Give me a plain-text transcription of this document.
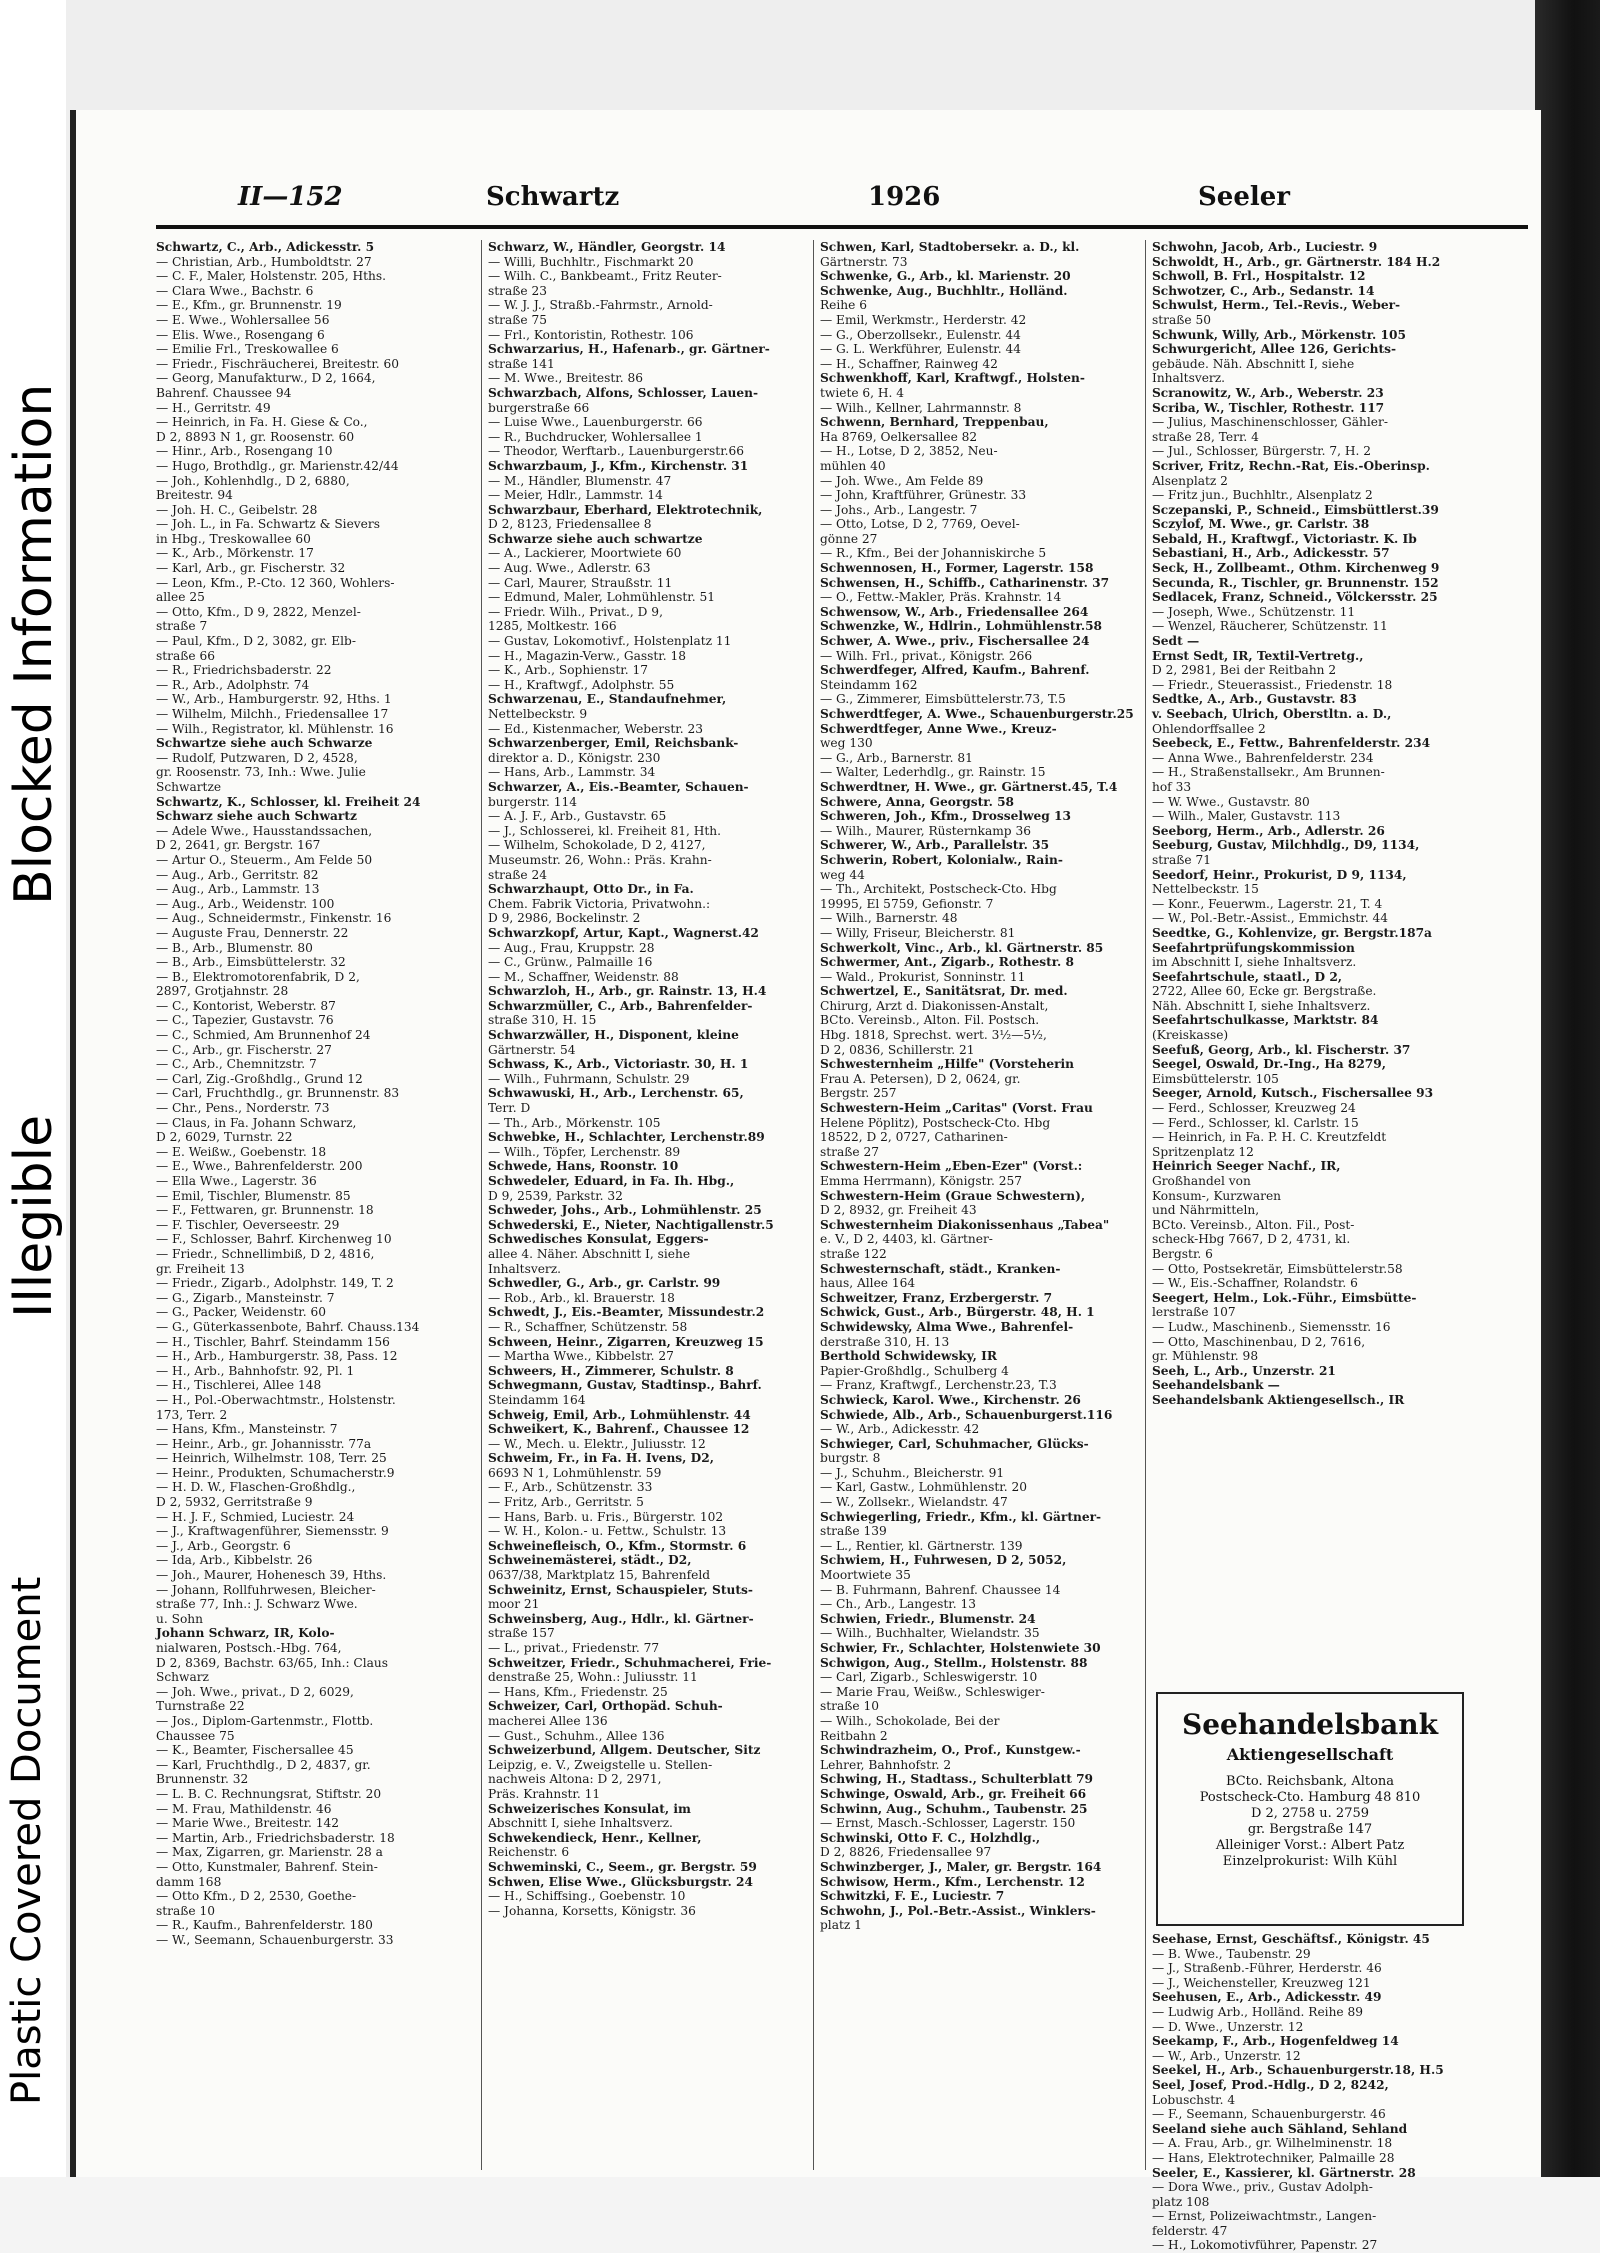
Plastic Covered Document
Illegible
Blocked Information
II—152	Schwartz	1926	Seeler
Schwartz, C., Arb., Adickesstr. 5
— Christian, Arb., Humboldtstr. 27
— C. F., Maler, Holstenstr. 205, Hths.
— Clara Wwe., Bachstr. 6
— E., Kfm., gr. Brunnenstr. 19
— E. Wwe., Wohlersallee 56
— Elis. Wwe., Rosengang 6
— Emilie Frl., Treskowallee 6
— Friedr., Fischräucherei, Breitestr. 60
— Georg, Manufakturw., D 2, 1664,
Bahrenf. Chaussee 94
— H., Gerritstr. 49
— Heinrich, in Fa. H. Giese & Co.,
D 2, 8893 N 1, gr. Roosenstr. 60
— Hinr., Arb., Rosengang 10
— Hugo, Brothdlg., gr. Marienstr.42/44
— Joh., Kohlenhdlg., D 2, 6880,
Breitestr. 94
— Joh. H. C., Geibelstr. 28
— Joh. L., in Fa. Schwartz & Sievers
in Hbg., Treskowallee 60
— K., Arb., Mörkenstr. 17
— Karl, Arb., gr. Fischerstr. 32
— Leon, Kfm., P.-Cto. 12 360, Wohlers-
allee 25
— Otto, Kfm., D 9, 2822, Menzel-
straße 7
— Paul, Kfm., D 2, 3082, gr. Elb-
straße 66
— R., Friedrichsbaderstr. 22
— R., Arb., Adolphstr. 74
— W., Arb., Hamburgerstr. 92, Hths. 1
— Wilhelm, Milchh., Friedensallee 17
— Wilh., Registrator, kl. Mühlenstr. 16
Schwartze siehe auch Schwarze
— Rudolf, Putzwaren, D 2, 4528,
gr. Roosenstr. 73, Inh.: Wwe. Julie
Schwartze
Schwartz, K., Schlosser, kl. Freiheit 24
Schwarz siehe auch Schwartz
— Adele Wwe., Hausstandssachen,
D 2, 2641, gr. Bergstr. 167
— Artur O., Steuerm., Am Felde 50
— Aug., Arb., Gerritstr. 82
— Aug., Arb., Lammstr. 13
— Aug., Arb., Weidenstr. 100
— Aug., Schneidermstr., Finkenstr. 16
— Auguste Frau, Dennerstr. 22
— B., Arb., Blumenstr. 80
— B., Arb., Eimsbüttelerstr. 32
— B., Elektromotorenfabrik, D 2,
2897, Grotjahnstr. 28
— C., Kontorist, Weberstr. 87
— C., Tapezier, Gustavstr. 76
— C., Schmied, Am Brunnenhof 24
— C., Arb., gr. Fischerstr. 27
— C., Arb., Chemnitzstr. 7
— Carl, Zig.-Großhdlg., Grund 12
— Carl, Fruchthdlg., gr. Brunnenstr. 83
— Chr., Pens., Norderstr. 73
— Claus, in Fa. Johann Schwarz,
D 2, 6029, Turnstr. 22
— E. Weißw., Goebenstr. 18
— E., Wwe., Bahrenfelderstr. 200
— Ella Wwe., Lagerstr. 36
— Emil, Tischler, Blumenstr. 85
— F., Fettwaren, gr. Brunnenstr. 18
— F. Tischler, Oeverseestr. 29
— F., Schlosser, Bahrf. Kirchenweg 10
— Friedr., Schnellimbiß, D 2, 4816,
gr. Freiheit 13
— Friedr., Zigarb., Adolphstr. 149, T. 2
— G., Zigarb., Mansteinstr. 7
— G., Packer, Weidenstr. 60
— G., Güterkassenbote, Bahrf. Chauss.134
— H., Tischler, Bahrf. Steindamm 156
— H., Arb., Hamburgerstr. 38, Pass. 12
— H., Arb., Bahnhofstr. 92, Pl. 1
— H., Tischlerei, Allee 148
— H., Pol.-Oberwachtmstr., Holstenstr.
173, Terr. 2
— Hans, Kfm., Mansteinstr. 7
— Heinr., Arb., gr. Johannisstr. 77a
— Heinrich, Wilhelmstr. 108, Terr. 25
— Heinr., Produkten, Schumacherstr.9
— H. D. W., Flaschen-Großhdlg.,
D 2, 5932, Gerritstraße 9
— H. J. F., Schmied, Luciestr. 24
— J., Kraftwagenführer, Siemensstr. 9
— J., Arb., Georgstr. 6
— Ida, Arb., Kibbelstr. 26
— Joh., Maurer, Hohenesch 39, Hths.
— Johann, Rollfuhrwesen, Bleicher-
straße 77, Inh.: J. Schwarz Wwe.
u. Sohn
Johann Schwarz, IR, Kolo-
nialwaren, Postsch.-Hbg. 764,
D 2, 8369, Bachstr. 63/65, Inh.: Claus
Schwarz
— Joh. Wwe., privat., D 2, 6029,
Turnstraße 22
— Jos., Diplom-Gartenmstr., Flottb.
Chaussee 75
— K., Beamter, Fischersallee 45
— Karl, Fruchthdlg., D 2, 4837, gr.
Brunnenstr. 32
— L. B. C. Rechnungsrat, Stiftstr. 20
— M. Frau, Mathildenstr. 46
— Marie Wwe., Breitestr. 142
— Martin, Arb., Friedrichsbaderstr. 18
— Max, Zigarren, gr. Marienstr. 28 a
— Otto, Kunstmaler, Bahrenf. Stein-
damm 168
— Otto Kfm., D 2, 2530, Goethe-
straße 10
— R., Kaufm., Bahrenfelderstr. 180
— W., Seemann, Schauenburgerstr. 33
Schwarz, W., Händler, Georgstr. 14
— Willi, Buchhltr., Fischmarkt 20
— Wilh. C., Bankbeamt., Fritz Reuter-
straße 23
— W. J. J., Straßb.-Fahrmstr., Arnold-
straße 75
— Frl., Kontoristin, Rothestr. 106
Schwarzarius, H., Hafenarb., gr. Gärtner-
straße 141
— M. Wwe., Breitestr. 86
Schwarzbach, Alfons, Schlosser, Lauen-
burgerstraße 66
— Luise Wwe., Lauenburgerstr. 66
— R., Buchdrucker, Wohlersallee 1
— Theodor, Werftarb., Lauenburgerstr.66
Schwarzbaum, J., Kfm., Kirchenstr. 31
— M., Händler, Blumenstr. 47
— Meier, Hdlr., Lammstr. 14
Schwarzbaur, Eberhard, Elektrotechnik,
D 2, 8123, Friedensallee 8
Schwarze siehe auch schwartze
— A., Lackierer, Moortwiete 60
— Aug. Wwe., Adlerstr. 63
— Carl, Maurer, Straußstr. 11
— Edmund, Maler, Lohmühlenstr. 51
— Friedr. Wilh., Privat., D 9,
1285, Moltkestr. 166
— Gustav, Lokomotivf., Holstenplatz 11
— H., Magazin-Verw., Gasstr. 18
— K., Arb., Sophienstr. 17
— H., Kraftwgf., Adolphstr. 55
Schwarzenau, E., Standaufnehmer,
Nettelbeckstr. 9
— Ed., Kistenmacher, Weberstr. 23
Schwarzenberger, Emil, Reichsbank-
direktor a. D., Königstr. 230
— Hans, Arb., Lammstr. 34
Schwarzer, A., Eis.-Beamter, Schauen-
burgerstr. 114
— A. J. F., Arb., Gustavstr. 65
— J., Schlosserei, kl. Freiheit 81, Hth.
— Wilhelm, Schokolade, D 2, 4127,
Museumstr. 26, Wohn.: Präs. Krahn-
straße 24
Schwarzhaupt, Otto Dr., in Fa.
Chem. Fabrik Victoria, Privatwohn.:
D 9, 2986, Bockelinstr. 2
Schwarzkopf, Artur, Kapt., Wagnerst.42
— Aug., Frau, Kruppstr. 28
— C., Grünw., Palmaille 16
— M., Schaffner, Weidenstr. 88
Schwarzloh, H., Arb., gr. Rainstr. 13, H.4
Schwarzmüller, C., Arb., Bahrenfelder-
straße 310, H. 15
Schwarzwäller, H., Disponent, kleine
Gärtnerstr. 54
Schwass, K., Arb., Victoriastr. 30, H. 1
— Wilh., Fuhrmann, Schulstr. 29
Schwawuski, H., Arb., Lerchenstr. 65,
Terr. D
— Th., Arb., Mörkenstr. 105
Schwebke, H., Schlachter, Lerchenstr.89
— Wilh., Töpfer, Lerchenstr. 89
Schwede, Hans, Roonstr. 10
Schwedeler, Eduard, in Fa. Ih. Hbg.,
D 9, 2539, Parkstr. 32
Schweder, Johs., Arb., Lohmühlenstr. 25
Schwederski, E., Nieter, Nachtigallenstr.5
Schwedisches Konsulat, Eggers-
allee 4. Näher. Abschnitt I, siehe
Inhaltsverz.
Schwedler, G., Arb., gr. Carlstr. 99
— Rob., Arb., kl. Brauerstr. 18
Schwedt, J., Eis.-Beamter, Missundestr.2
— R., Schaffner, Schützenstr. 58
Schween, Heinr., Zigarren, Kreuzweg 15
— Martha Wwe., Kibbelstr. 27
Schweers, H., Zimmerer, Schulstr. 8
Schwegmann, Gustav, Stadtinsp., Bahrf.
Steindamm 164
Schweig, Emil, Arb., Lohmühlenstr. 44
Schweikert, K., Bahrenf., Chaussee 12
— W., Mech. u. Elektr., Juliusstr. 12
Schweim, Fr., in Fa. H. Ivens, D2,
6693 N 1, Lohmühlenstr. 59
— F., Arb., Schützenstr. 33
— Fritz, Arb., Gerritstr. 5
— Hans, Barb. u. Fris., Bürgerstr. 102
— W. H., Kolon.- u. Fettw., Schulstr. 13
Schweinefleisch, O., Kfm., Stormstr. 6
Schweinemästerei, städt., D2,
0637/38, Marktplatz 15, Bahrenfeld
Schweinitz, Ernst, Schauspieler, Stuts-
moor 21
Schweinsberg, Aug., Hdlr., kl. Gärtner-
straße 157
— L., privat., Friedenstr. 77
Schweitzer, Friedr., Schuhmacherei, Frie-
denstraße 25, Wohn.: Juliusstr. 11
— Hans, Kfm., Friedenstr. 25
Schweizer, Carl, Orthopäd. Schuh-
macherei Allee 136
— Gust., Schuhm., Allee 136
Schweizerbund, Allgem. Deutscher, Sitz
Leipzig, e. V., Zweigstelle u. Stellen-
nachweis Altona: D 2, 2971,
Präs. Krahnstr. 11
Schweizerisches Konsulat, im
Abschnitt I, siehe Inhaltsverz.
Schwekendieck, Henr., Kellner,
Reichenstr. 6
Schweminski, C., Seem., gr. Bergstr. 59
Schwen, Elise Wwe., Glücksburgstr. 24
— H., Schiffsing., Goebenstr. 10
— Johanna, Korsetts, Königstr. 36
Schwen, Karl, Stadtobersekr. a. D., kl.
Gärtnerstr. 73
Schwenke, G., Arb., kl. Marienstr. 20
Schwenke, Aug., Buchhltr., Holländ.
Reihe 6
— Emil, Werkmstr., Herderstr. 42
— G., Oberzollsekr., Eulenstr. 44
— G. L. Werkführer, Eulenstr. 44
— H., Schaffner, Rainweg 42
Schwenkhoff, Karl, Kraftwgf., Holsten-
twiete 6, H. 4
— Wilh., Kellner, Lahrmannstr. 8
Schwenn, Bernhard, Treppenbau,
Ha 8769, Oelkersallee 82
— H., Lotse, D 2, 3852, Neu-
mühlen 40
— Joh. Wwe., Am Felde 89
— John, Kraftführer, Grünestr. 33
— Johs., Arb., Langestr. 7
— Otto, Lotse, D 2, 7769, Oevel-
gönne 27
— R., Kfm., Bei der Johanniskirche 5
Schwennosen, H., Former, Lagerstr. 158
Schwensen, H., Schiffb., Catharinenstr. 37
— O., Fettw.-Makler, Präs. Krahnstr. 14
Schwensow, W., Arb., Friedensallee 264
Schwenzke, W., Hdlrin., Lohmühlenstr.58
Schwer, A. Wwe., priv., Fischersallee 24
— Wilh. Frl., privat., Königstr. 266
Schwerdfeger, Alfred, Kaufm., Bahrenf.
Steindamm 162
— G., Zimmerer, Eimsbüttelerstr.73, T.5
Schwerdtfeger, A. Wwe., Schauenburgerstr.25
Schwerdtfeger, Anne Wwe., Kreuz-
weg 130
— G., Arb., Barnerstr. 81
— Walter, Lederhdlg., gr. Rainstr. 15
Schwerdtner, H. Wwe., gr. Gärtnerst.45, T.4
Schwere, Anna, Georgstr. 58
Schweren, Joh., Kfm., Drosselweg 13
— Wilh., Maurer, Rüsternkamp 36
Schwerer, W., Arb., Parallelstr. 35
Schwerin, Robert, Kolonialw., Rain-
weg 44
— Th., Architekt, Postscheck-Cto. Hbg
19995, El 5759, Gefionstr. 7
— Wilh., Barnerstr. 48
— Willy, Friseur, Bleicherstr. 81
Schwerkolt, Vinc., Arb., kl. Gärtnerstr. 85
Schwermer, Ant., Zigarb., Rothestr. 8
— Wald., Prokurist, Sonninstr. 11
Schwertzel, E., Sanitätsrat, Dr. med.
Chirurg, Arzt d. Diakonissen-Anstalt,
BCto. Vereinsb., Alton. Fil. Postsch.
Hbg. 1818, Sprechst. wert. 3½—5½,
D 2, 0836, Schillerstr. 21
Schwesternheim „Hilfe" (Vorsteherin
Frau A. Petersen), D 2, 0624, gr.
Bergstr. 257
Schwestern-Heim „Caritas" (Vorst. Frau
Helene Pöplitz), Postscheck-Cto. Hbg
18522, D 2, 0727, Catharinen-
straße 27
Schwestern-Heim „Eben-Ezer" (Vorst.:
Emma Herrmann), Königstr. 257
Schwestern-Heim (Graue Schwestern),
D 2, 8932, gr. Freiheit 43
Schwesternheim Diakonissenhaus „Tabea"
e. V., D 2, 4403, kl. Gärtner-
straße 122
Schwesternschaft, städt., Kranken-
haus, Allee 164
Schweitzer, Franz, Erzbergerstr. 7
Schwick, Gust., Arb., Bürgerstr. 48, H. 1
Schwidewsky, Alma Wwe., Bahrenfel-
derstraße 310, H. 13
Berthold Schwidewsky, IR
Papier-Großhdlg., Schulberg 4
— Franz, Kraftwgf., Lerchenstr.23, T.3
Schwieck, Karol. Wwe., Kirchenstr. 26
Schwiede, Alb., Arb., Schauenburgerst.116
— W., Arb., Adickesstr. 42
Schwieger, Carl, Schuhmacher, Glücks-
burgstr. 8
— J., Schuhm., Bleicherstr. 91
— Karl, Gastw., Lohmühlenstr. 20
— W., Zollsekr., Wielandstr. 47
Schwiegerling, Friedr., Kfm., kl. Gärtner-
straße 139
— L., Rentier, kl. Gärtnerstr. 139
Schwiem, H., Fuhrwesen, D 2, 5052,
Moortwiete 35
— B. Fuhrmann, Bahrenf. Chaussee 14
— Ch., Arb., Langestr. 13
Schwien, Friedr., Blumenstr. 24
— Wilh., Buchhalter, Wielandstr. 35
Schwier, Fr., Schlachter, Holstenwiete 30
Schwigon, Aug., Stellm., Holstenstr. 88
— Carl, Zigarb., Schleswigerstr. 10
— Marie Frau, Weißw., Schleswiger-
straße 10
— Wilh., Schokolade, Bei der
Reitbahn 2
Schwindrazheim, O., Prof., Kunstgew.-
Lehrer, Bahnhofstr. 2
Schwing, H., Stadtass., Schulterblatt 79
Schwinge, Oswald, Arb., gr. Freiheit 66
Schwinn, Aug., Schuhm., Taubenstr. 25
— Ernst, Masch.-Schlosser, Lagerstr. 150
Schwinski, Otto F. C., Holzhdlg.,
D 2, 8826, Friedensallee 97
Schwinzberger, J., Maler, gr. Bergstr. 164
Schwisow, Herm., Kfm., Lerchenstr. 12
Schwitzki, F. E., Luciestr. 7
Schwohn, J., Pol.-Betr.-Assist., Winklers-
platz 1
Schwohn, Jacob, Arb., Luciestr. 9
Schwoldt, H., Arb., gr. Gärtnerstr. 184 H.2
Schwoll, B. Frl., Hospitalstr. 12
Schwotzer, C., Arb., Sedanstr. 14
Schwulst, Herm., Tel.-Revis., Weber-
straße 50
Schwunk, Willy, Arb., Mörkenstr. 105
Schwurgericht, Allee 126, Gerichts-
gebäude. Näh. Abschnitt I, siehe
Inhaltsverz.
Scranowitz, W., Arb., Weberstr. 23
Scriba, W., Tischler, Rothestr. 117
— Julius, Maschinenschlosser, Gähler-
straße 28, Terr. 4
— Jul., Schlosser, Bürgerstr. 7, H. 2
Scriver, Fritz, Rechn.-Rat, Eis.-Oberinsp.
Alsenplatz 2
— Fritz jun., Buchhltr., Alsenplatz 2
Sczepanski, P., Schneid., Eimsbüttlerst.39
Sczylof, M. Wwe., gr. Carlstr. 38
Sebald, H., Kraftwgf., Victoriastr. K. Ib
Sebastiani, H., Arb., Adickesstr. 57
Seck, H., Zollbeamt., Othm. Kirchenweg 9
Secunda, R., Tischler, gr. Brunnenstr. 152
Sedlacek, Franz, Schneid., Völckersstr. 25
— Joseph, Wwe., Schützenstr. 11
— Wenzel, Räucherer, Schützenstr. 11
Sedt —
Ernst Sedt, IR, Textil-Vertretg.,
D 2, 2981, Bei der Reitbahn 2
— Friedr., Steuerassist., Friedenstr. 18
Sedtke, A., Arb., Gustavstr. 83
v. Seebach, Ulrich, Oberstltn. a. D.,
Ohlendorffsallee 2
Seebeck, E., Fettw., Bahrenfelderstr. 234
— Anna Wwe., Bahrenfelderstr. 234
— H., Straßenstallsekr., Am Brunnen-
hof 33
— W. Wwe., Gustavstr. 80
— Wilh., Maler, Gustavstr. 113
Seeborg, Herm., Arb., Adlerstr. 26
Seeburg, Gustav, Milchhdlg., D9, 1134,
straße 71
Seedorf, Heinr., Prokurist, D 9, 1134,
Nettelbeckstr. 15
— Konr., Feuerwm., Lagerstr. 21, T. 4
— W., Pol.-Betr.-Assist., Emmichstr. 44
Seedtke, G., Kohlenvize, gr. Bergstr.187a
Seefahrtprüfungskommission
im Abschnitt I, siehe Inhaltsverz.
Seefahrtschule, staatl., D 2,
2722, Allee 60, Ecke gr. Bergstraße.
Näh. Abschnitt I, siehe Inhaltsverz.
Seefahrtschulkasse, Marktstr. 84
(Kreiskasse)
Seefuß, Georg, Arb., kl. Fischerstr. 37
Seegel, Oswald, Dr.-Ing., Ha 8279,
Eimsbüttelerstr. 105
Seeger, Arnold, Kutsch., Fischersallee 93
— Ferd., Schlosser, Kreuzweg 24
— Ferd., Schlosser, kl. Carlstr. 15
— Heinrich, in Fa. P. H. C. Kreutzfeldt
Spritzenplatz 12
Heinrich Seeger Nachf., IR,
Großhandel von
Konsum-, Kurzwaren
und Nährmitteln,
BCto. Vereinsb., Alton. Fil., Post-
scheck-Hbg 7667, D 2, 4731, kl.
Bergstr. 6
— Otto, Postsekretär, Eimsbüttelerstr.58
— W., Eis.-Schaffner, Rolandstr. 6
Seegert, Helm., Lok.-Führ., Eimsbütte-
lerstraße 107
— Ludw., Maschinenb., Siemensstr. 16
— Otto, Maschinenbau, D 2, 7616,
gr. Mühlenstr. 98
Seeh, L., Arb., Unzerstr. 21
Seehandelsbank —
Seehandelsbank Aktiengesellsch., IR
Seehandelsbank
Aktiengesellschaft
BCto. Reichsbank, Altona
Postscheck-Cto. Hamburg 48 810
D 2, 2758 u. 2759
gr. Bergstraße 147
Alleiniger Vorst.: Albert Patz
Einzelprokurist: Wilh Kühl
Seehase, Ernst, Geschäftsf., Königstr. 45
— B. Wwe., Taubenstr. 29
— J., Straßenb.-Führer, Herderstr. 46
— J., Weichensteller, Kreuzweg 121
Seehusen, E., Arb., Adickesstr. 49
— Ludwig Arb., Holländ. Reihe 89
— D. Wwe., Unzerstr. 12
Seekamp, F., Arb., Hogenfeldweg 14
— W., Arb., Unzerstr. 12
Seekel, H., Arb., Schauenburgerstr.18, H.5
Seel, Josef, Prod.-Hdlg., D 2, 8242,
Lobuschstr. 4
— F., Seemann, Schauenburgerstr. 46
Seeland siehe auch Sähland, Sehland
— A. Frau, Arb., gr. Wilhelminenstr. 18
— Hans, Elektrotechniker, Palmaille 28
Seeler, E., Kassierer, kl. Gärtnerstr. 28
— Dora Wwe., priv., Gustav Adolph-
platz 108
— Ernst, Polizeiwachtmstr., Langen-
felderstr. 47
— H., Lokomotivführer, Papenstr. 27
